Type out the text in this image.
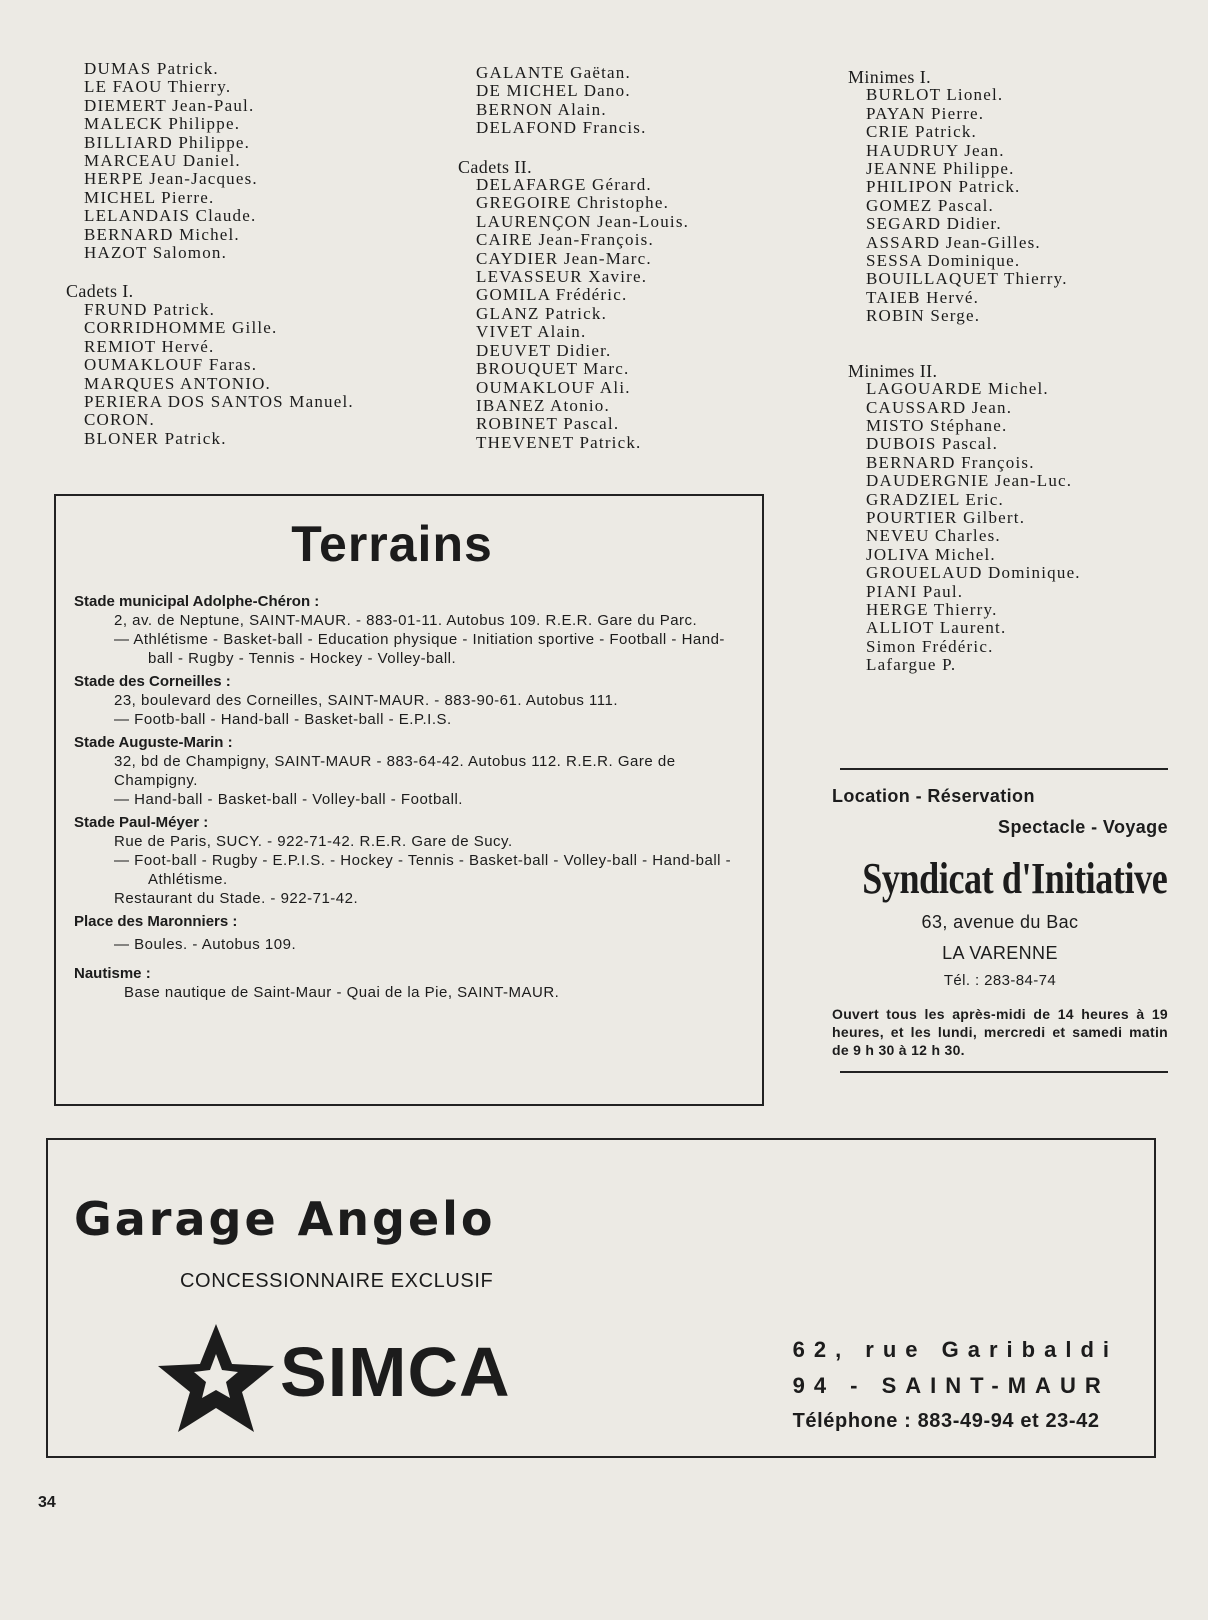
DUMAS Patrick.
LE FAOU Thierry.
DIEMERT Jean-Paul.
MALECK Philippe.
BILLIARD Philippe.
MARCEAU Daniel.
HERPE Jean-Jacques.
MICHEL Pierre.
LELANDAIS Claude.
BERNARD Michel.
HAZOT Salomon.
Cadets I.
FRUND Patrick.
CORRIDHOMME Gille.
REMIOT Hervé.
OUMAKLOUF Faras.
MARQUES ANTONIO.
PERIERA DOS SANTOS Manuel.
CORON.
BLONER Patrick.
GALANTE Gaëtan.
DE MICHEL Dano.
BERNON Alain.
DELAFOND Francis.
Cadets II.
DELAFARGE Gérard.
GREGOIRE Christophe.
LAURENÇON Jean-Louis.
CAIRE Jean-François.
CAYDIER Jean-Marc.
LEVASSEUR Xavire.
GOMILA Frédéric.
GLANZ Patrick.
VIVET Alain.
DEUVET Didier.
BROUQUET Marc.
OUMAKLOUF Ali.
IBANEZ Atonio.
ROBINET Pascal.
THEVENET Patrick.
Minimes I.
BURLOT Lionel.
PAYAN Pierre.
CRIE Patrick.
HAUDRUY Jean.
JEANNE Philippe.
PHILIPON Patrick.
GOMEZ Pascal.
SEGARD Didier.
ASSARD Jean-Gilles.
SESSA Dominique.
BOUILLAQUET Thierry.
TAIEB Hervé.
ROBIN Serge.
Minimes II.
LAGOUARDE Michel.
CAUSSARD Jean.
MISTO Stéphane.
DUBOIS Pascal.
BERNARD François.
DAUDERGNIE Jean-Luc.
GRADZIEL Eric.
POURTIER Gilbert.
NEVEU Charles.
JOLIVA Michel.
GROUELAUD Dominique.
PIANI Paul.
HERGE Thierry.
ALLIOT Laurent.
Simon Frédéric.
Lafargue P.
Terrains
Stade municipal Adolphe-Chéron :
2, av. de Neptune, SAINT-MAUR. - 883-01-11. Autobus 109. R.E.R. Gare du Parc.
— Athlétisme - Basket-ball - Education physique - Initiation sportive - Football - Hand-ball - Rugby - Tennis - Hockey - Volley-ball.
Stade des Corneilles :
23, boulevard des Corneilles, SAINT-MAUR. - 883-90-61. Autobus 111.
— Footb-ball - Hand-ball - Basket-ball - E.P.I.S.
Stade Auguste-Marin :
32, bd de Champigny, SAINT-MAUR - 883-64-42. Autobus 112. R.E.R. Gare de Champigny.
— Hand-ball - Basket-ball - Volley-ball - Football.
Stade Paul-Méyer :
Rue de Paris, SUCY. - 922-71-42. R.E.R. Gare de Sucy.
— Foot-ball - Rugby - E.P.I.S. - Hockey - Tennis - Basket-ball - Volley-ball - Hand-ball - Athlétisme.
Restaurant du Stade. - 922-71-42.
Place des Maronniers :
— Boules. - Autobus 109.
Nautisme :
Base nautique de Saint-Maur - Quai de la Pie, SAINT-MAUR.
Location - Réservation
Spectacle - Voyage
Syndicat d'Initiative
63, avenue du Bac
LA VARENNE
Tél. : 283-84-74
Ouvert tous les après-midi de 14 heures à 19 heures, et les lundi, mercredi et samedi matin de 9 h 30 à 12 h 30.
Garage Angelo
CONCESSIONNAIRE EXCLUSIF
SIMCA	62, rue Garibaldi
94 - SAINT-MAUR
Téléphone : 883-49-94 et 23-42
34
